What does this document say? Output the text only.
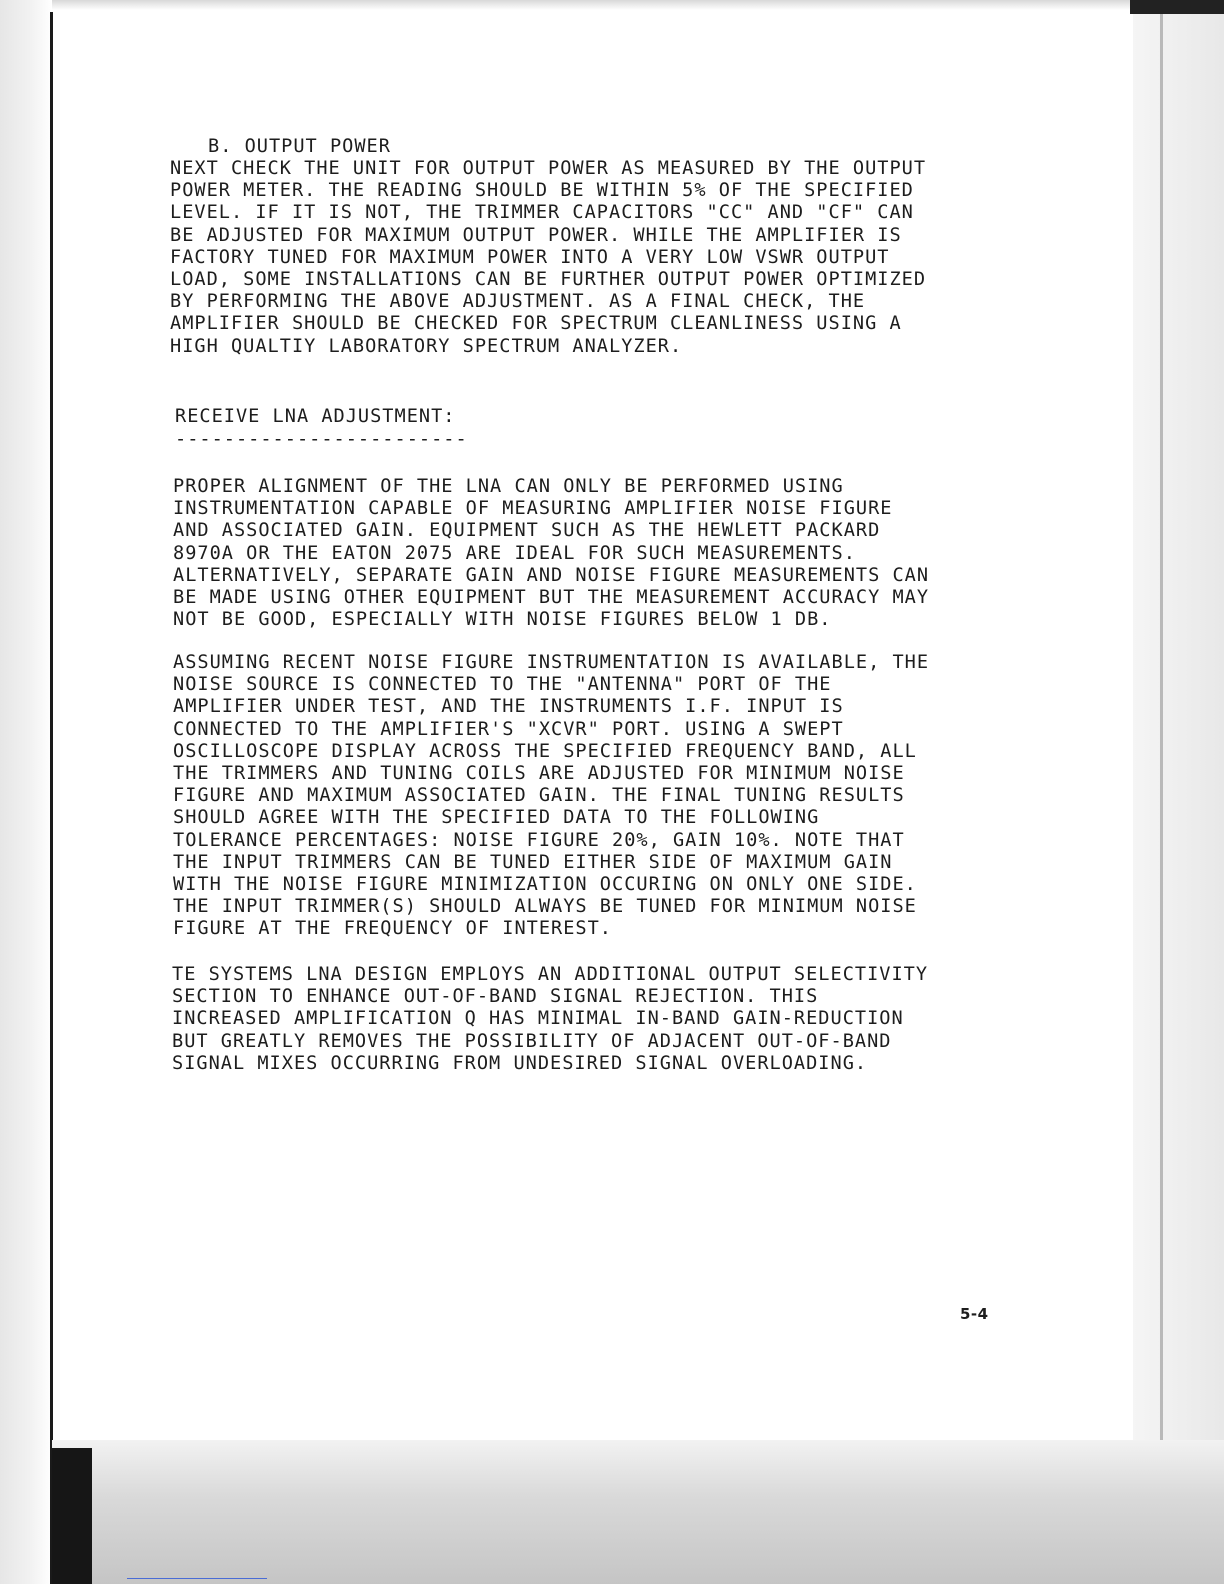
B. OUTPUT POWER
NEXT CHECK THE UNIT FOR OUTPUT POWER AS MEASURED BY THE OUTPUT
POWER METER. THE READING SHOULD BE WITHIN 5% OF THE SPECIFIED
LEVEL. IF IT IS NOT, THE TRIMMER CAPACITORS "CC" AND "CF" CAN
BE ADJUSTED FOR MAXIMUM OUTPUT POWER. WHILE THE AMPLIFIER IS
FACTORY TUNED FOR MAXIMUM POWER INTO A VERY LOW VSWR OUTPUT
LOAD, SOME INSTALLATIONS CAN BE FURTHER OUTPUT POWER OPTIMIZED
BY PERFORMING THE ABOVE ADJUSTMENT. AS A FINAL CHECK, THE
AMPLIFIER SHOULD BE CHECKED FOR SPECTRUM CLEANLINESS USING A
HIGH QUALTIY LABORATORY SPECTRUM ANALYZER.
RECEIVE LNA ADJUSTMENT:
------------------------
PROPER ALIGNMENT OF THE LNA CAN ONLY BE PERFORMED USING
INSTRUMENTATION CAPABLE OF MEASURING AMPLIFIER NOISE FIGURE
AND ASSOCIATED GAIN. EQUIPMENT SUCH AS THE HEWLETT PACKARD
8970A OR THE EATON 2075 ARE IDEAL FOR SUCH MEASUREMENTS.
ALTERNATIVELY, SEPARATE GAIN AND NOISE FIGURE MEASUREMENTS CAN
BE MADE USING OTHER EQUIPMENT BUT THE MEASUREMENT ACCURACY MAY
NOT BE GOOD, ESPECIALLY WITH NOISE FIGURES BELOW 1 DB.
ASSUMING RECENT NOISE FIGURE INSTRUMENTATION IS AVAILABLE, THE
NOISE SOURCE IS CONNECTED TO THE "ANTENNA" PORT OF THE
AMPLIFIER UNDER TEST, AND THE INSTRUMENTS I.F. INPUT IS
CONNECTED TO THE AMPLIFIER'S "XCVR" PORT. USING A SWEPT
OSCILLOSCOPE DISPLAY ACROSS THE SPECIFIED FREQUENCY BAND, ALL
THE TRIMMERS AND TUNING COILS ARE ADJUSTED FOR MINIMUM NOISE
FIGURE AND MAXIMUM ASSOCIATED GAIN. THE FINAL TUNING RESULTS
SHOULD AGREE WITH THE SPECIFIED DATA TO THE FOLLOWING
TOLERANCE PERCENTAGES: NOISE FIGURE 20%, GAIN 10%. NOTE THAT
THE INPUT TRIMMERS CAN BE TUNED EITHER SIDE OF MAXIMUM GAIN
WITH THE NOISE FIGURE MINIMIZATION OCCURING ON ONLY ONE SIDE.
THE INPUT TRIMMER(S) SHOULD ALWAYS BE TUNED FOR MINIMUM NOISE
FIGURE AT THE FREQUENCY OF INTEREST.
TE SYSTEMS LNA DESIGN EMPLOYS AN ADDITIONAL OUTPUT SELECTIVITY
SECTION TO ENHANCE OUT-OF-BAND SIGNAL REJECTION. THIS
INCREASED AMPLIFICATION Q HAS MINIMAL IN-BAND GAIN-REDUCTION
BUT GREATLY REMOVES THE POSSIBILITY OF ADJACENT OUT-OF-BAND
SIGNAL MIXES OCCURRING FROM UNDESIRED SIGNAL OVERLOADING.
5-4
